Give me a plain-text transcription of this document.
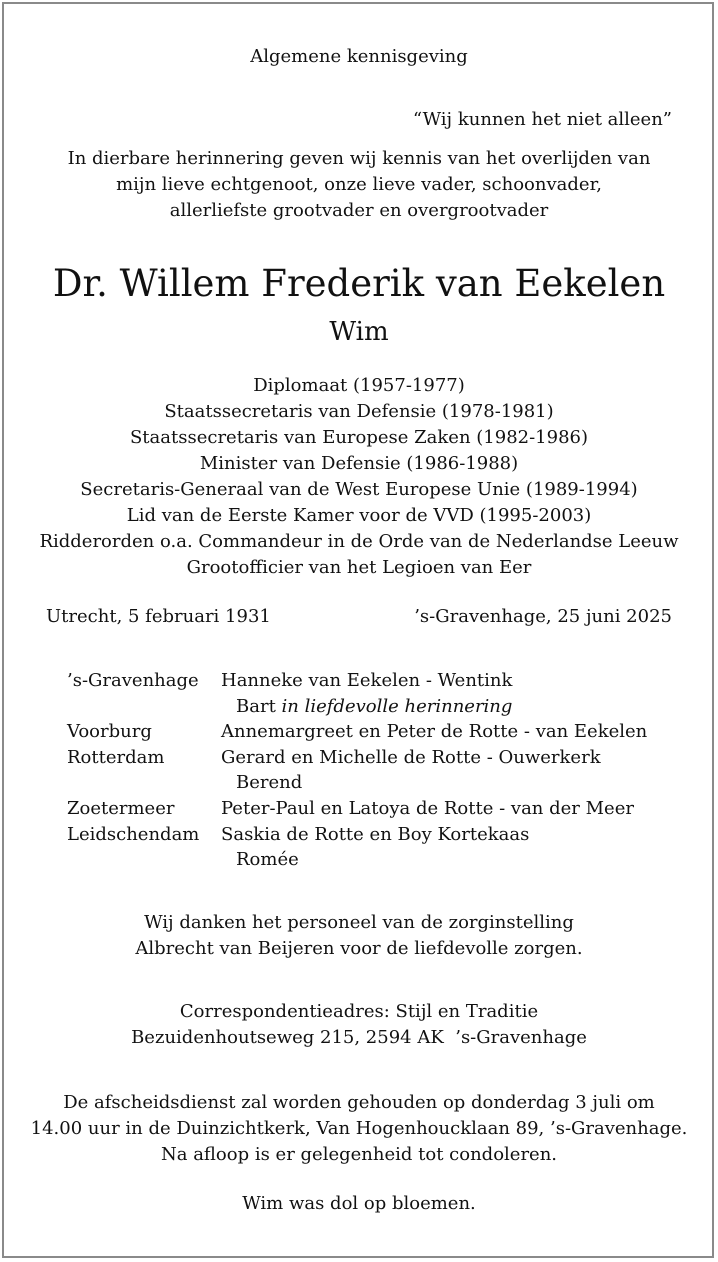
Algemene kennisgeving
“Wij kunnen het niet alleen”
In dierbare herinnering geven wij kennis van het overlijden van
mijn lieve echtgenoot, onze lieve vader, schoonvader,
allerliefste grootvader en overgrootvader
Dr. Willem Frederik van Eekelen
Wim
Diplomaat (1957-1977)
Staatssecretaris van Defensie (1978-1981)
Staatssecretaris van Europese Zaken (1982-1986)
Minister van Defensie (1986-1988)
Secretaris-Generaal van de West Europese Unie (1989-1994)
Lid van de Eerste Kamer voor de VVD (1995-2003)
Ridderorden o.a. Commandeur in de Orde van de Nederlandse Leeuw
Grootofficier van het Legioen van Eer
Utrecht, 5 februari 1931	’s-Gravenhage, 25 juni 2025
’s-Gravenhage Hanneke van Eekelen - Wentink
Bart in liefdevolle herinnering
Voorburg	Annemargreet en Peter de Rotte - van Eekelen
Rotterdam	Gerard en Michelle de Rotte - Ouwerkerk
Berend
Zoetermeer	Peter-Paul en Latoya de Rotte - van der Meer
Leidschendam Saskia de Rotte en Boy Kortekaas
Romée
Wij danken het personeel van de zorginstelling
Albrecht van Beijeren voor de liefdevolle zorgen.
Correspondentieadres: Stijl en Traditie
Bezuidenhoutseweg 215, 2594 AK  ’s-Gravenhage
De afscheidsdienst zal worden gehouden op donderdag 3 juli om
14.00 uur in de Duinzichtkerk, Van Hogenhoucklaan 89, ’s-Gravenhage.
Na afloop is er gelegenheid tot condoleren.
Wim was dol op bloemen.
